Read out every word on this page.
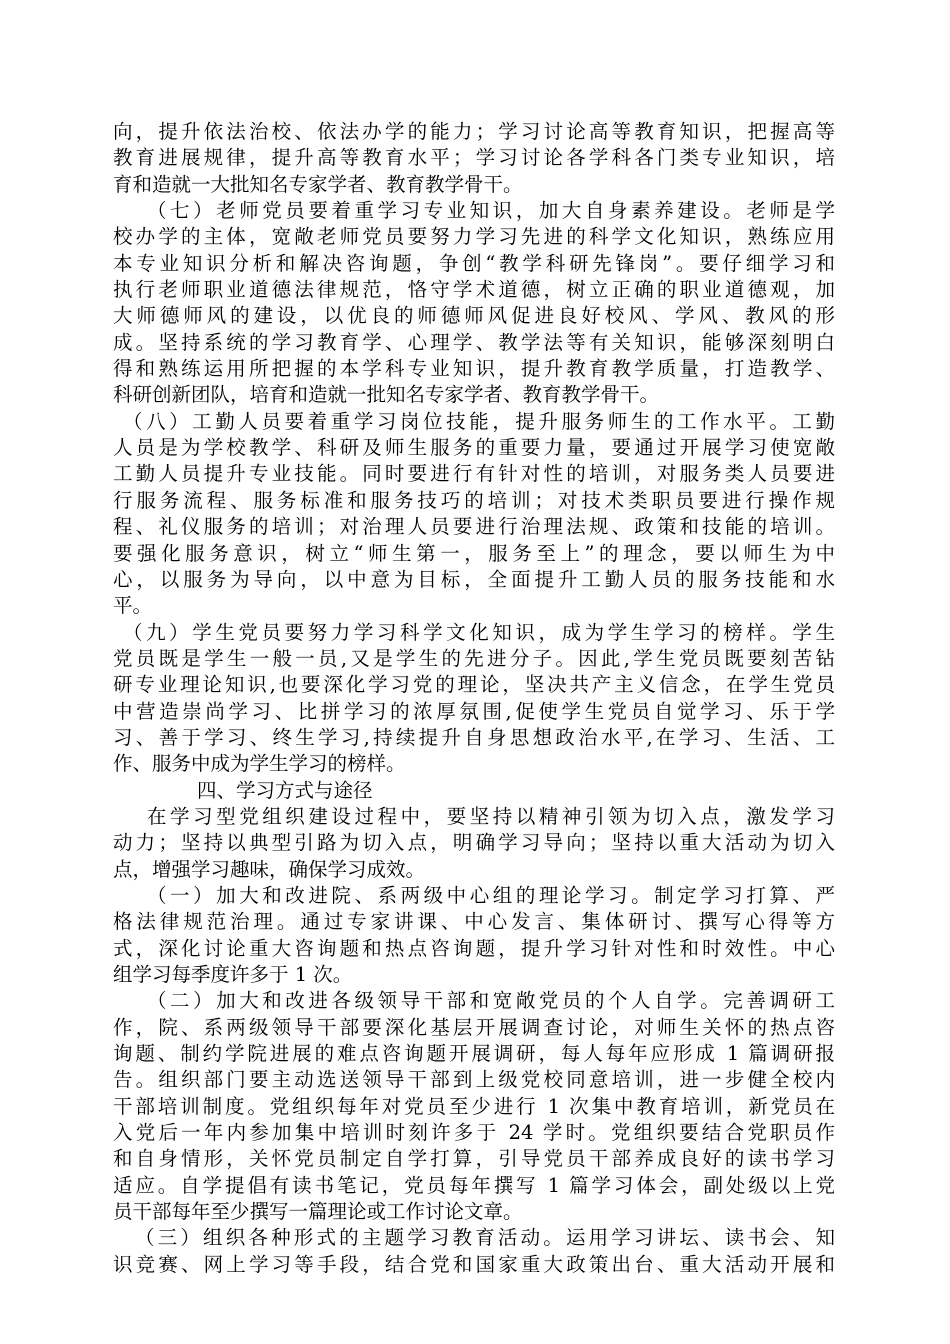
向，提升依法治校、依法办学的能力；学习讨论高等教育知识，把握高等
教育进展规律，提升高等教育水平；学习讨论各学科各门类专业知识，培
育和造就一大批知名专家学者、教育教学骨干。
（七）老师党员要着重学习专业知识，加大自身素养建设。老师是学
校办学的主体，宽敞老师党员要努力学习先进的科学文化知识，熟练应用
本专业知识分析和解决咨询题，争创“教学科研先锋岗”。要仔细学习和
执行老师职业道德法律规范，恪守学术道德，树立正确的职业道德观，加
大师德师风的建设，以优良的师德师风促进良好校风、学风、教风的形
成。坚持系统的学习教育学、心理学、教学法等有关知识，能够深刻明白
得和熟练运用所把握的本学科专业知识，提升教育教学质量，打造教学、
科研创新团队，培育和造就一批知名专家学者、教育教学骨干。
（八）工勤人员要着重学习岗位技能，提升服务师生的工作水平。工勤
人员是为学校教学、科研及师生服务的重要力量，要通过开展学习使宽敞
工勤人员提升专业技能。同时要进行有针对性的培训，对服务类人员要进
行服务流程、服务标准和服务技巧的培训；对技术类职员要进行操作规
程、礼仪服务的培训；对治理人员要进行治理法规、政策和技能的培训。
要强化服务意识，树立“师生第一，服务至上”的理念，要以师生为中
心，以服务为导向，以中意为目标，全面提升工勤人员的服务技能和水
平。
（九）学生党员要努力学习科学文化知识，成为学生学习的榜样。学生
党员既是学生一般一员,又是学生的先进分子。因此,学生党员既要刻苦钻
研专业理论知识,也要深化学习党的理论，坚决共产主义信念，在学生党员
中营造崇尚学习、比拼学习的浓厚氛围,促使学生党员自觉学习、乐于学
习、善于学习、终生学习,持续提升自身思想政治水平,在学习、生活、工
作、服务中成为学生学习的榜样。
四、学习方式与途径
在学习型党组织建设过程中，要坚持以精神引领为切入点，激发学习
动力；坚持以典型引路为切入点，明确学习导向；坚持以重大活动为切入
点，增强学习趣味，确保学习成效。
（一）加大和改进院、系两级中心组的理论学习。制定学习打算、严
格法律规范治理。通过专家讲课、中心发言、集体研讨、撰写心得等方
式，深化讨论重大咨询题和热点咨询题，提升学习针对性和时效性。中心
组学习每季度许多于 1 次。
（二）加大和改进各级领导干部和宽敞党员的个人自学。完善调研工
作，院、系两级领导干部要深化基层开展调查讨论，对师生关怀的热点咨
询题、制约学院进展的难点咨询题开展调研，每人每年应形成 1 篇调研报
告。组织部门要主动选送领导干部到上级党校同意培训，进一步健全校内
干部培训制度。党组织每年对党员至少进行 1 次集中教育培训，新党员在
入党后一年内参加集中培训时刻许多于 24 学时。党组织要结合党职员作
和自身情形，关怀党员制定自学打算，引导党员干部养成良好的读书学习
适应。自学提倡有读书笔记，党员每年撰写 1 篇学习体会，副处级以上党
员干部每年至少撰写一篇理论或工作讨论文章。
（三）组织各种形式的主题学习教育活动。运用学习讲坛、读书会、知
识竞赛、网上学习等手段，结合党和国家重大政策出台、重大活动开展和
